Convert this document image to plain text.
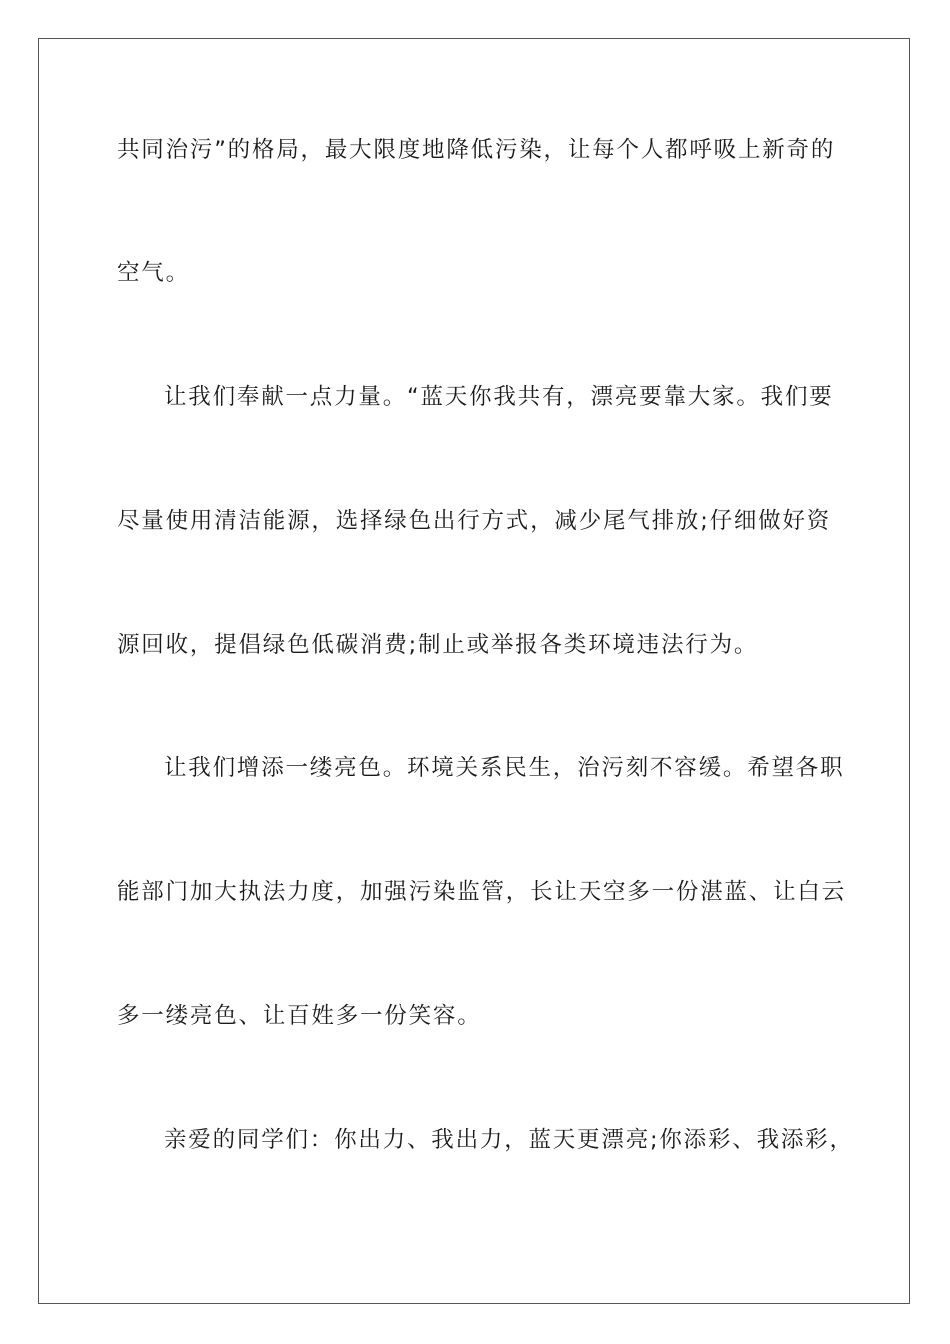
共同治污”的格局，最大限度地降低污染，让每个人都呼吸上新奇的
空气。
让我们奉献一点力量。“蓝天你我共有，漂亮要靠大家。我们要
尽量使用清洁能源，选择绿色出行方式，减少尾气排放;仔细做好资
源回收，提倡绿色低碳消费;制止或举报各类环境违法行为。
让我们增添一缕亮色。环境关系民生，治污刻不容缓。希望各职
能部门加大执法力度，加强污染监管，长让天空多一份湛蓝、让白云
多一缕亮色、让百姓多一份笑容。
亲爱的同学们：你出力、我出力，蓝天更漂亮;你添彩、我添彩，
